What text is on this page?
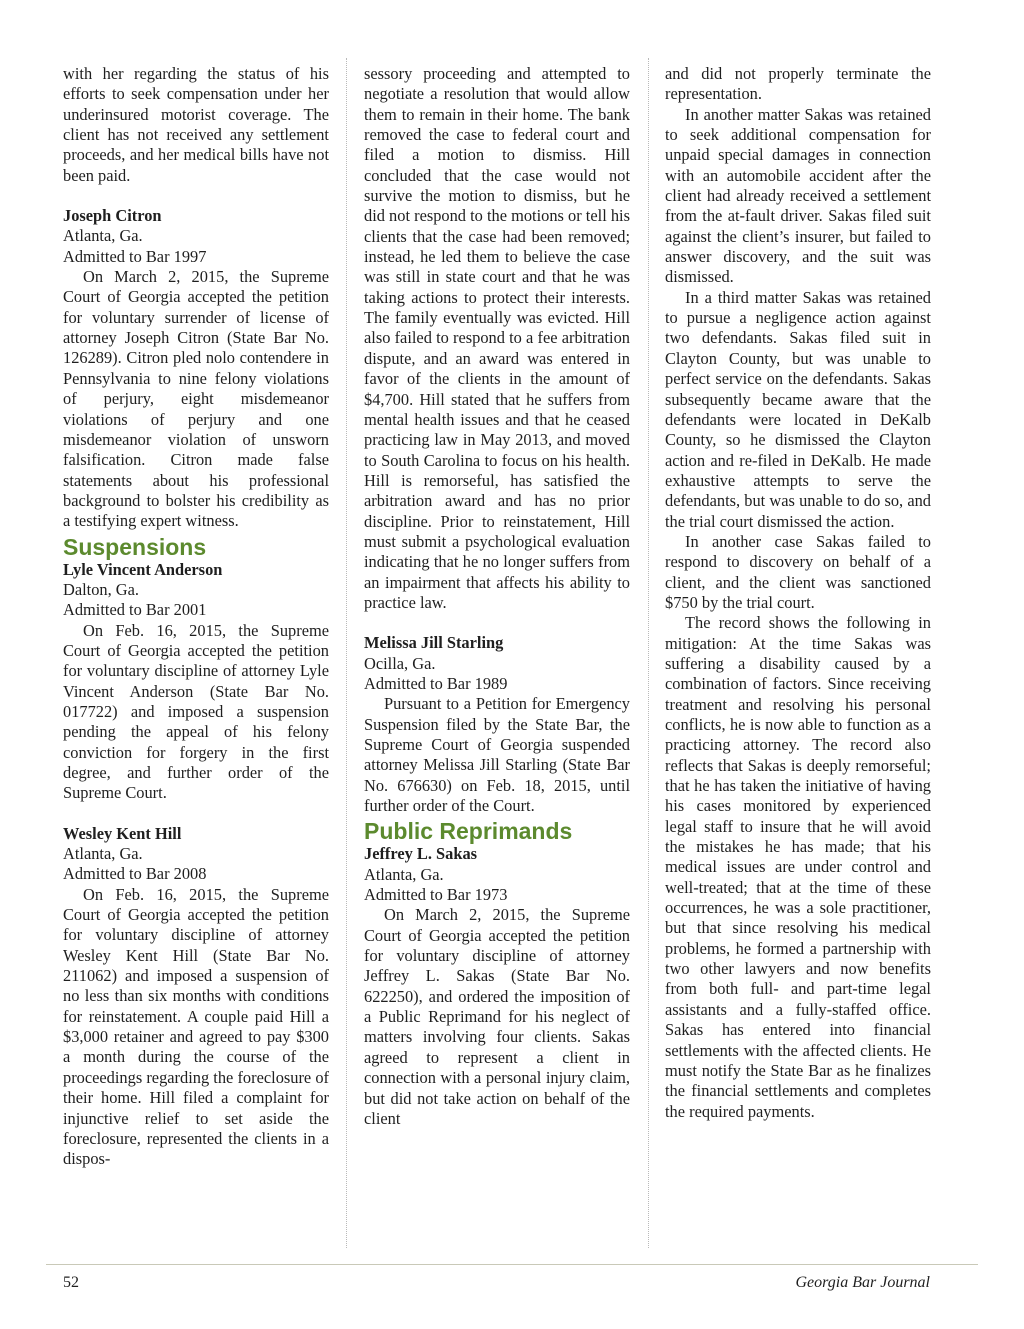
with her regarding the status of his efforts to seek compensation under her underinsured motorist coverage. The client has not received any settlement proceeds, and her medical bills have not been paid.

Joseph Citron

Atlanta, Ga.

Admitted to Bar 1997

On March 2, 2015, the Supreme Court of Georgia accepted the petition for voluntary surrender of license of attorney Joseph Citron (State Bar No. 126289). Citron pled nolo contendere in Pennsylvania to nine felony violations of perjury, eight misdemeanor violations of perjury and one misdemeanor violation of unsworn falsification. Citron made false statements about his professional background to bolster his credibility as a testifying expert witness.

Suspensions

Lyle Vincent Anderson

Dalton, Ga.

Admitted to Bar 2001

On Feb. 16, 2015, the Supreme Court of Georgia accepted the petition for voluntary discipline of attorney Lyle Vincent Anderson (State Bar No. 017722) and imposed a suspension pending the appeal of his felony conviction for forgery in the first degree, and further order of the Supreme Court.

Wesley Kent Hill

Atlanta, Ga.

Admitted to Bar 2008

On Feb. 16, 2015, the Supreme Court of Georgia accepted the petition for voluntary discipline of attorney Wesley Kent Hill (State Bar No. 211062) and imposed a suspension of no less than six months with conditions for reinstatement. A couple paid Hill a $3,000 retainer and agreed to pay $300 a month during the course of the proceedings regarding the foreclosure of their home. Hill filed a complaint for injunctive relief to set aside the foreclosure, represented the clients in a dispos-

sessory proceeding and attempted to negotiate a resolution that would allow them to remain in their home. The bank removed the case to federal court and filed a motion to dismiss. Hill concluded that the case would not survive the motion to dismiss, but he did not respond to the motions or tell his clients that the case had been removed; instead, he led them to believe the case was still in state court and that he was taking actions to protect their interests. The family eventually was evicted. Hill also failed to respond to a fee arbitration dispute, and an award was entered in favor of the clients in the amount of $4,700. Hill stated that he suffers from mental health issues and that he ceased practicing law in May 2013, and moved to South Carolina to focus on his health. Hill is remorseful, has satisfied the arbitration award and has no prior discipline. Prior to reinstatement, Hill must submit a psychological evaluation indicating that he no longer suffers from an impairment that affects his ability to practice law.

Melissa Jill Starling

Ocilla, Ga.

Admitted to Bar 1989

Pursuant to a Petition for Emergency Suspension filed by the State Bar, the Supreme Court of Georgia suspended attorney Melissa Jill Starling (State Bar No. 676630) on Feb. 18, 2015, until further order of the Court.

Public Reprimands

Jeffrey L. Sakas

Atlanta, Ga.

Admitted to Bar 1973

On March 2, 2015, the Supreme Court of Georgia accepted the petition for voluntary discipline of attorney Jeffrey L. Sakas (State Bar No. 622250), and ordered the imposition of a Public Reprimand for his neglect of matters involving four clients. Sakas agreed to represent a client in connection with a personal injury claim, but did not take action on behalf of the client

and did not properly terminate the representation.

In another matter Sakas was retained to seek additional compensation for unpaid special damages in connection with an automobile accident after the client had already received a settlement from the at-fault driver. Sakas filed suit against the client’s insurer, but failed to answer discovery, and the suit was dismissed.

In a third matter Sakas was retained to pursue a negligence action against two defendants. Sakas filed suit in Clayton County, but was unable to perfect service on the defendants. Sakas subsequently became aware that the defendants were located in DeKalb County, so he dismissed the Clayton action and re-filed in DeKalb. He made exhaustive attempts to serve the defendants, but was unable to do so, and the trial court dismissed the action.

In another case Sakas failed to respond to discovery on behalf of a client, and the client was sanctioned $750 by the trial court.

The record shows the following in mitigation: At the time Sakas was suffering a disability caused by a combination of factors. Since receiving treatment and resolving his personal conflicts, he is now able to function as a practicing attorney. The record also reflects that Sakas is deeply remorseful; that he has taken the initiative of having his cases monitored by experienced legal staff to insure that he will avoid the mistakes he has made; that his medical issues are under control and well-treated; that at the time of these occurrences, he was a sole practitioner, but that since resolving his medical problems, he formed a partnership with two other lawyers and now benefits from both full- and part-time legal assistants and a fully-staffed office. Sakas has entered into financial settlements with the affected clients. He must notify the State Bar as he finalizes the financial settlements and completes the required payments.

52	Georgia Bar Journal
